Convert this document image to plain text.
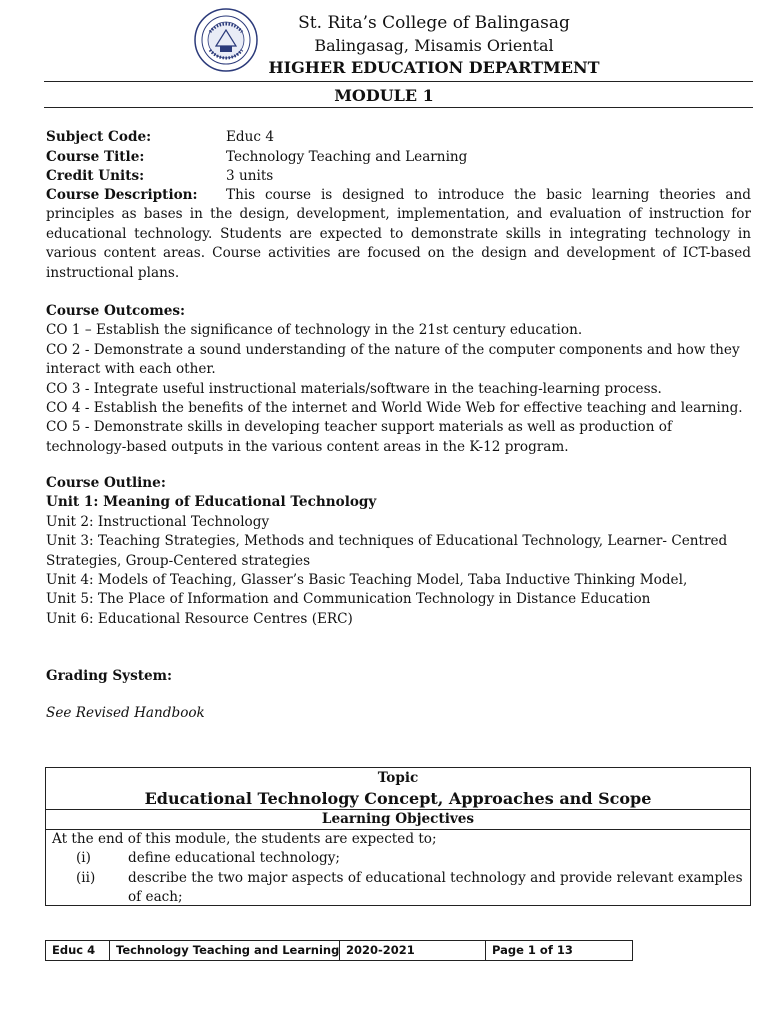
St. Rita’s College of Balingasag
Balingasag, Misamis Oriental
HIGHER EDUCATION DEPARTMENT
MODULE 1
Subject Code:	Educ 4
Course Title:	Technology Teaching and Learning
Credit Units:	3 units
Course Description: This course is designed to introduce the basic learning theories and principles as bases in the design, development, implementation, and evaluation of instruction for educational technology. Students are expected to demonstrate skills in integrating technology in various content areas. Course activities are focused on the design and development of ICT-based instructional plans.
Course Outcomes:
CO 1 – Establish the significance of technology in the 21st century education.
CO 2 - Demonstrate a sound understanding of the nature of the computer components and how they interact with each other.
CO 3 - Integrate useful instructional materials/software in the teaching-learning process.
CO 4 - Establish the benefits of the internet and World Wide Web for effective teaching and learning.
CO 5 - Demonstrate skills in developing teacher support materials as well as production of technology-based outputs in the various content areas in the K-12 program.
Course Outline:
Unit 1: Meaning of Educational Technology
Unit 2: Instructional Technology
Unit 3: Teaching Strategies, Methods and techniques of Educational Technology, Learner- Centred Strategies, Group-Centered strategies
Unit 4: Models of Teaching, Glasser’s Basic Teaching Model, Taba Inductive Thinking Model,
Unit 5: The Place of Information and Communication Technology in Distance Education
Unit 6: Educational Resource Centres (ERC)
Grading System:
See Revised Handbook
Topic
Educational Technology Concept, Approaches and Scope
Learning Objectives
At the end of this module, the students are expected to;
(i)	define educational technology;
(ii) describe the two major aspects of educational technology and provide relevant examples of each;
Educ 4	Technology Teaching and Learning 2020-2021	Page 1 of 13
